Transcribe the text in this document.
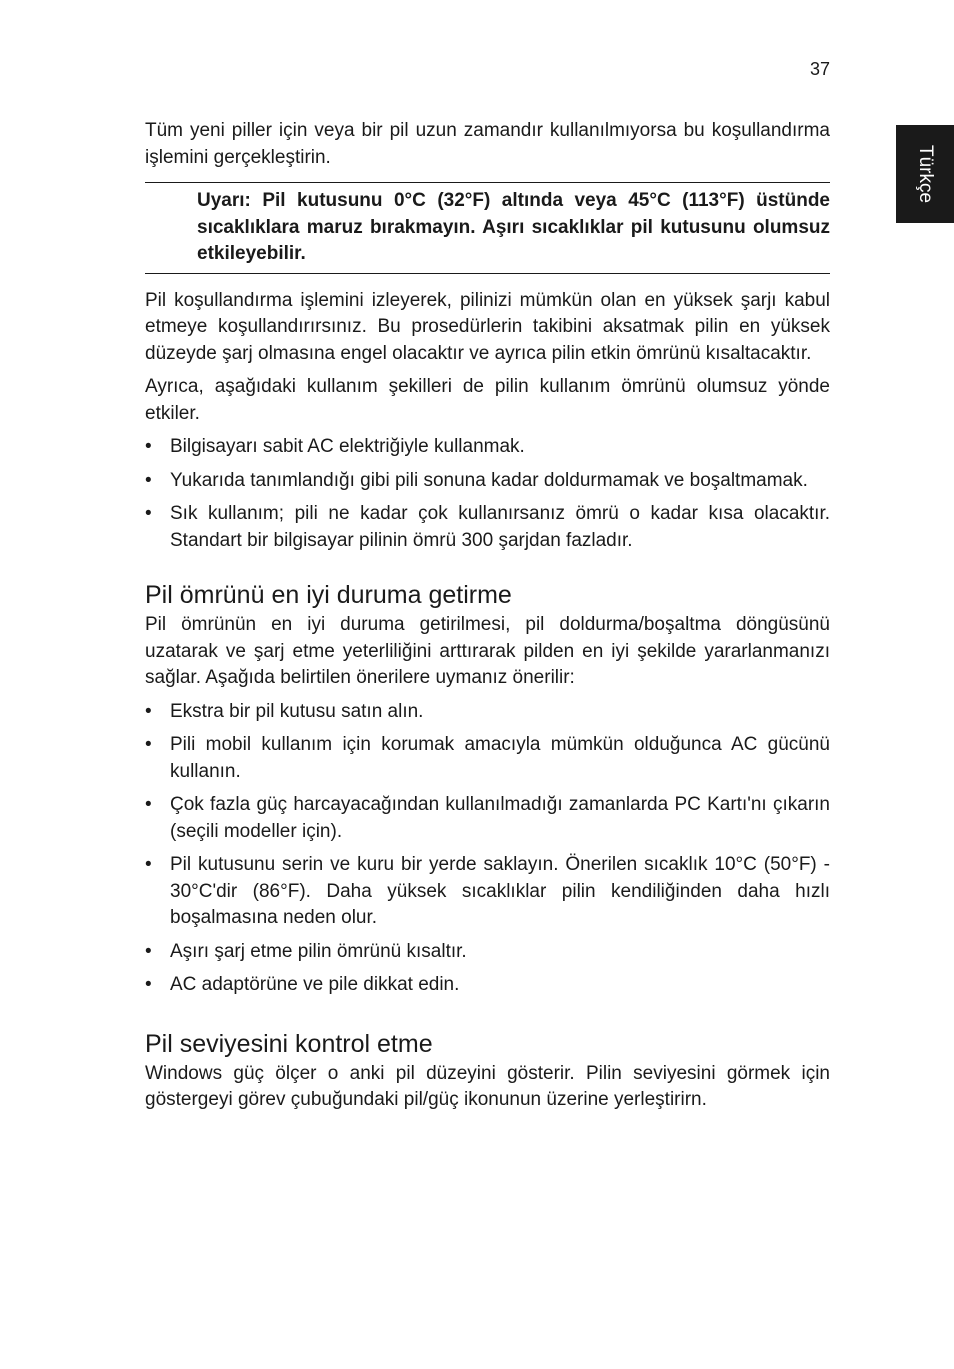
37
Türkçe

Tüm yeni piller için veya bir pil uzun zamandır kullanılmıyorsa bu koşullandırma işlemini gerçekleştirin.

Uyarı: Pil kutusunu 0°C (32°F) altında veya 45°C (113°F) üstünde sıcaklıklara maruz bırakmayın. Aşırı sıcaklıklar pil kutusunu olumsuz etkileyebilir.

Pil koşullandırma işlemini izleyerek, pilinizi mümkün olan en yüksek şarjı kabul etmeye koşullandırırsınız. Bu prosedürlerin takibini aksatmak pilin en yüksek düzeyde şarj olmasına engel olacaktır ve ayrıca pilin etkin ömrünü kısaltacaktır.

Ayrıca, aşağıdaki kullanım şekilleri de pilin kullanım ömrünü olumsuz yönde etkiler.

• Bilgisayarı sabit AC elektriğiyle kullanmak.
• Yukarıda tanımlandığı gibi pili sonuna kadar doldurmamak ve boşaltmamak.
• Sık kullanım; pili ne kadar çok kullanırsanız ömrü o kadar kısa olacaktır. Standart bir bilgisayar pilinin ömrü 300 şarjdan fazladır.
Pil ömrünü en iyi duruma getirme

Pil ömrünün en iyi duruma getirilmesi, pil doldurma/boşaltma döngüsünü uzatarak ve şarj etme yeterliliğini arttırarak pilden en iyi şekilde yararlanmanızı sağlar. Aşağıda belirtilen önerilere uymanız önerilir:

• Ekstra bir pil kutusu satın alın.
• Pili mobil kullanım için korumak amacıyla mümkün olduğunca AC gücünü kullanın.
• Çok fazla güç harcayacağından kullanılmadığı zamanlarda PC Kartı'nı çıkarın (seçili modeller için).
• Pil kutusunu serin ve kuru bir yerde saklayın. Önerilen sıcaklık 10°C (50°F) - 30°C'dir (86°F). Daha yüksek sıcaklıklar pilin kendiliğinden daha hızlı boşalmasına neden olur.
• Aşırı şarj etme pilin ömrünü kısaltır.
• AC adaptörüne ve pile dikkat edin.
Pil seviyesini kontrol etme

Windows güç ölçer o anki pil düzeyini gösterir. Pilin seviyesini görmek için göstergeyi görev çubuğundaki pil/güç ikonunun üzerine yerleştirirn.
